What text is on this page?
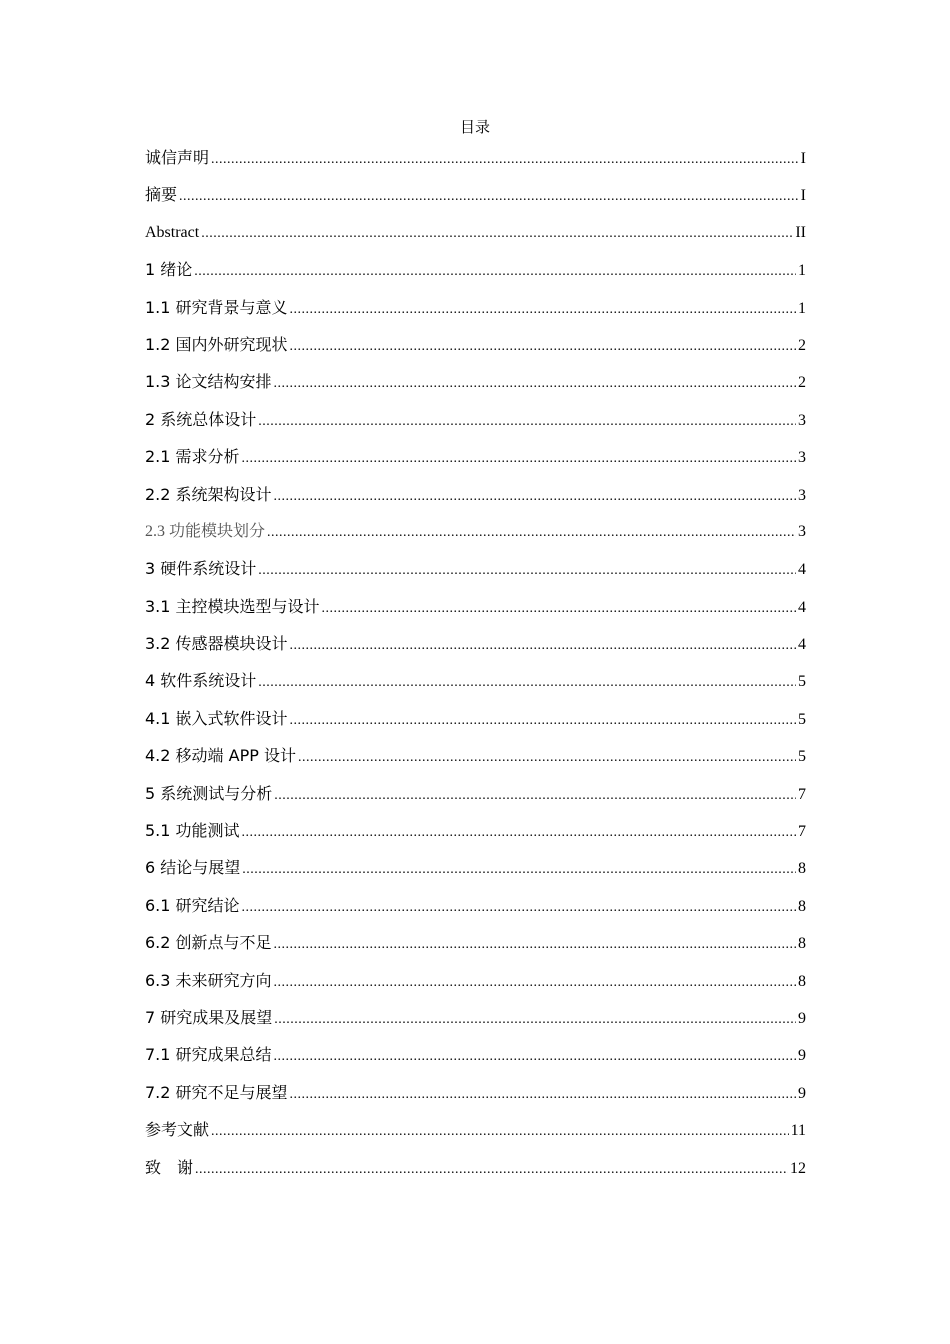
目录
诚信声明 .....	I
摘要 .....	I
Abstract .....	II
1 绪论 .....	1
1.1 研究背景与意义 .....	1
1.2 国内外研究现状 .....	2
1.3 论文结构安排 .....	2
2 系统总体设计 .....	3
2.1 需求分析 .....	3
2.2 系统架构设计 .....	3
2.3 功能模块划分 .....	3
3 硬件系统设计 .....	4
3.1 主控模块选型与设计 .....	4
3.2 传感器模块设计 .....	4
4 软件系统设计 .....	5
4.1 嵌入式软件设计 .....	5
4.2 移动端 APP 设计 .....	5
5 系统测试与分析 .....	7
5.1 功能测试 .....	7
6 结论与展望 .....	8
6.1 研究结论 .....	8
6.2 创新点与不足 .....	8
6.3 未来研究方向 .....	8
7 研究成果及展望 .....	9
7.1 研究成果总结 .....	9
7.2 研究不足与展望 .....	9
参考文献 .....	11
致　谢 .....	12
